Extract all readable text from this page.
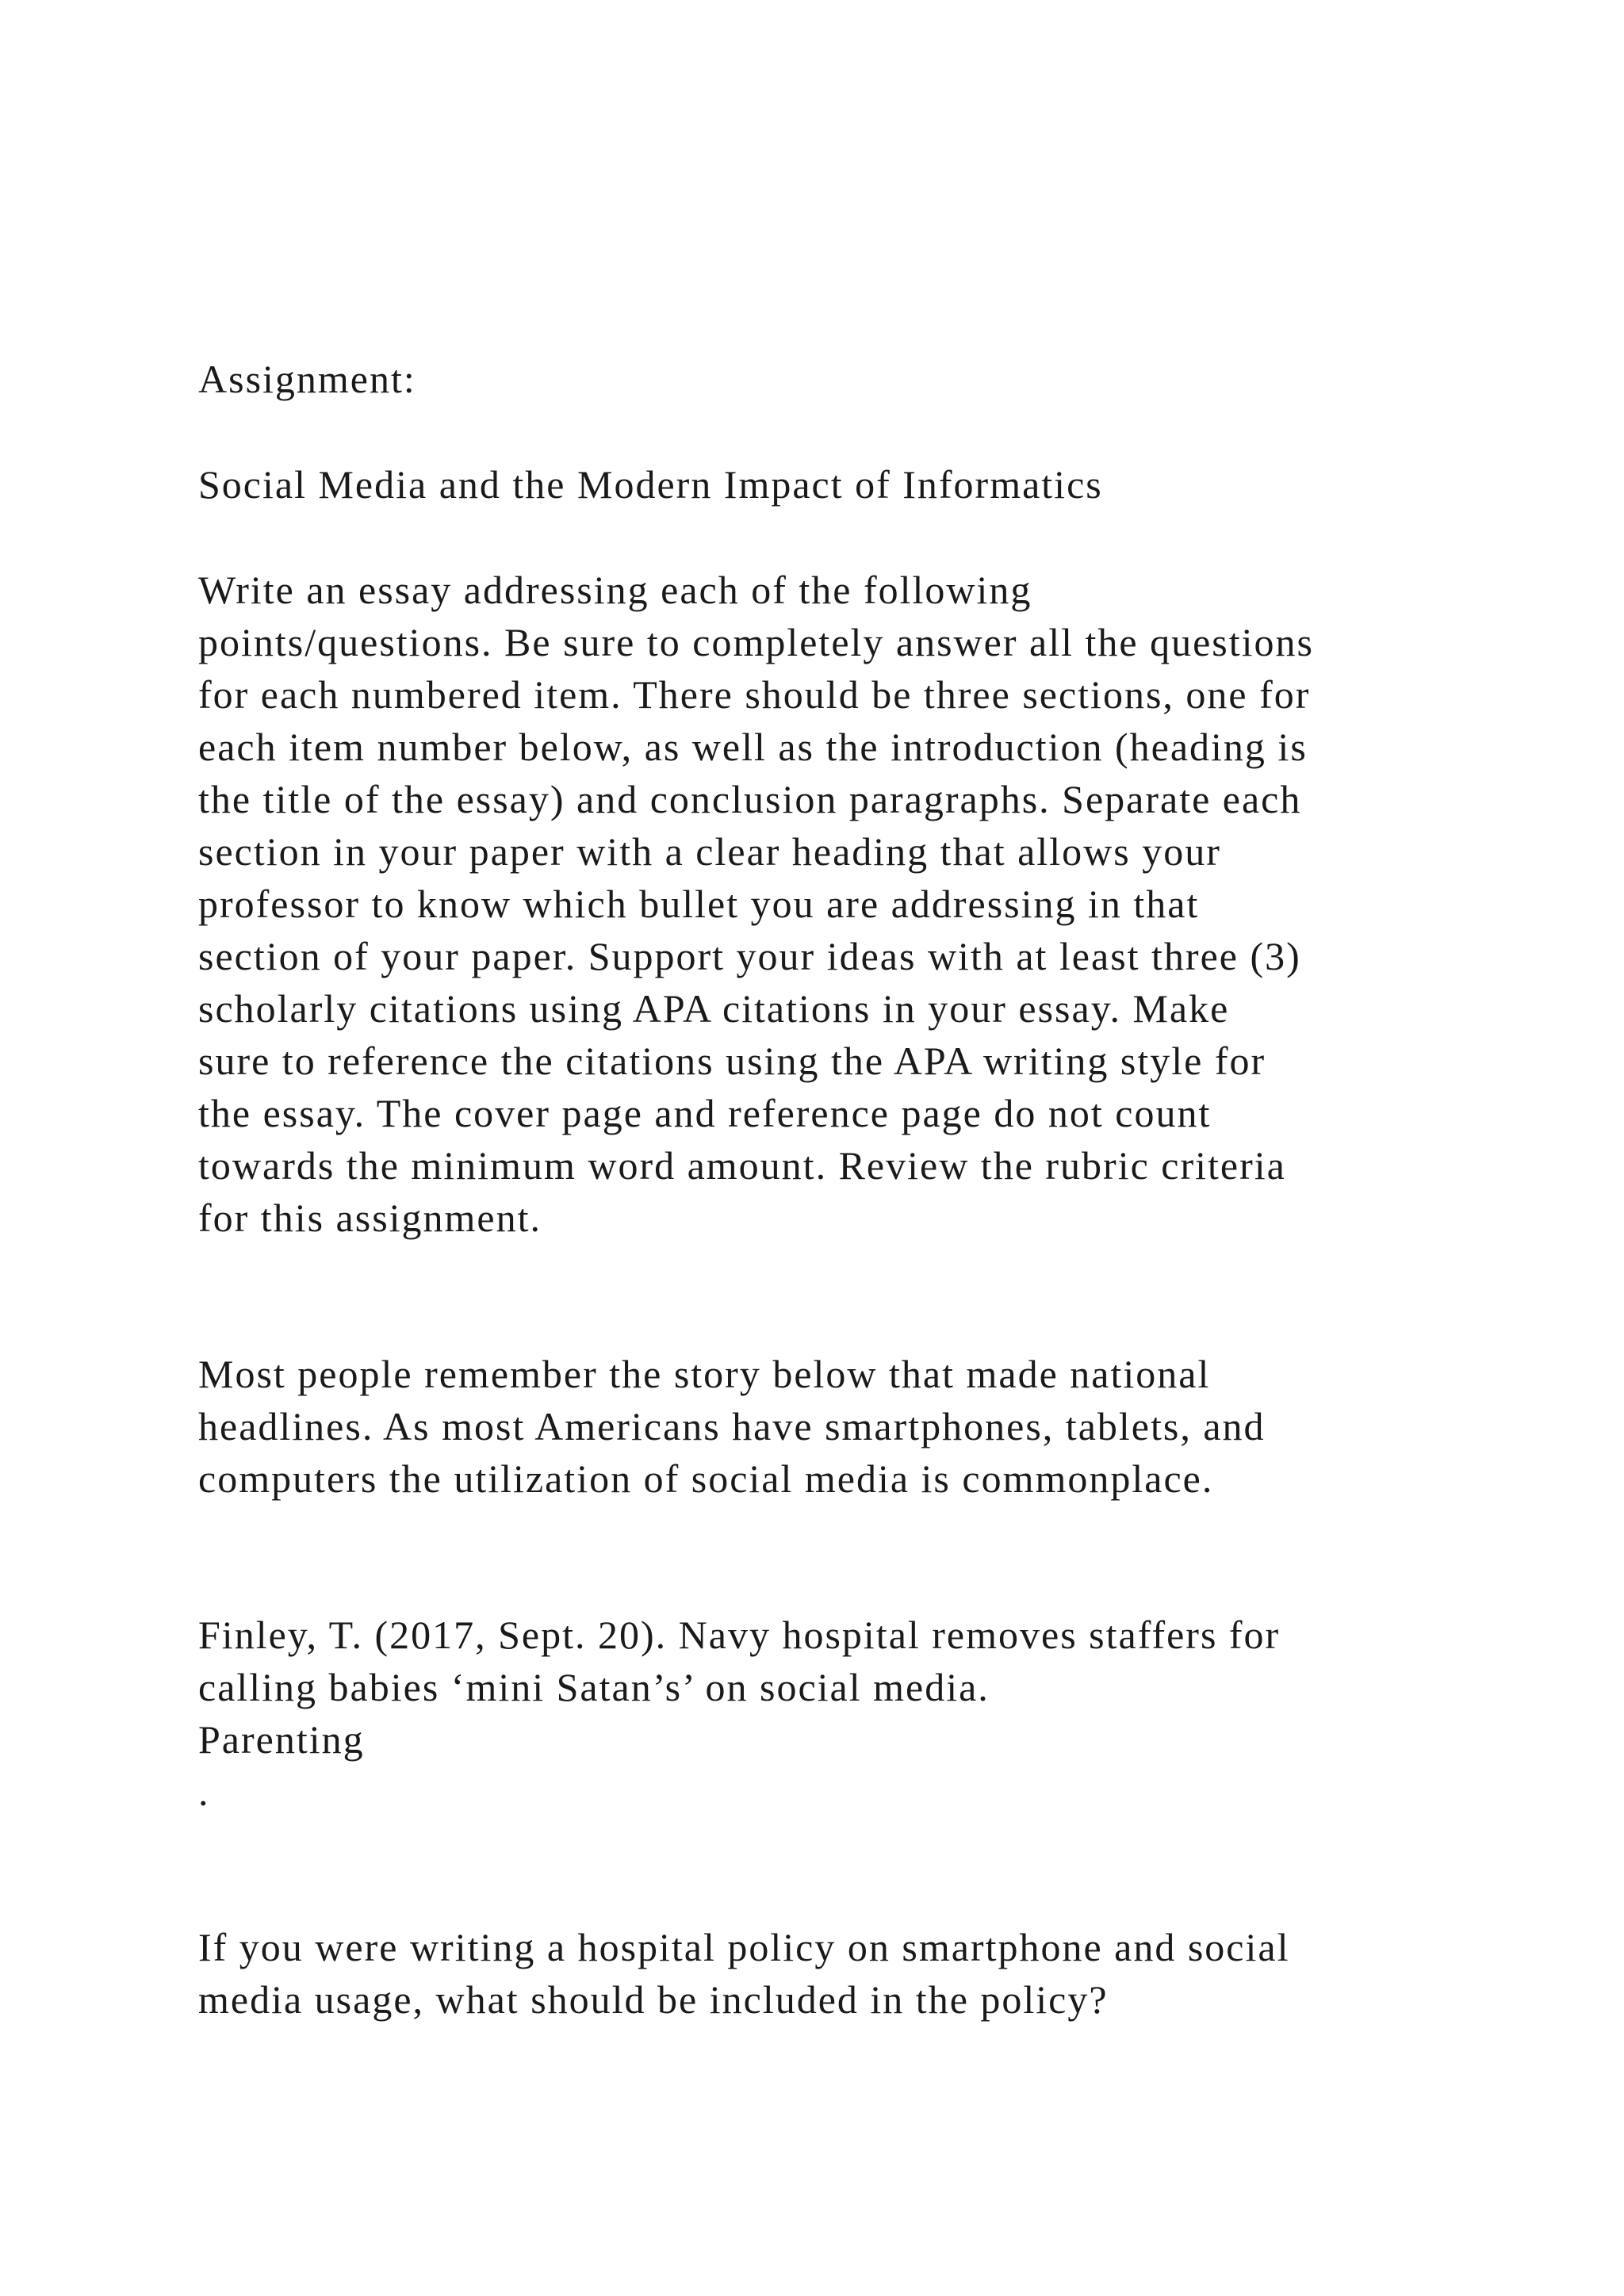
Assignment:
Social Media and the Modern Impact of Informatics
Write an essay addressing each of the following
points/questions. Be sure to completely answer all the questions
for each numbered item. There should be three sections, one for
each item number below, as well as the introduction (heading is
the title of the essay) and conclusion paragraphs. Separate each
section in your paper with a clear heading that allows your
professor to know which bullet you are addressing in that
section of your paper. Support your ideas with at least three (3)
scholarly citations using APA citations in your essay. Make
sure to reference the citations using the APA writing style for
the essay. The cover page and reference page do not count
towards the minimum word amount. Review the rubric criteria
for this assignment.
Most people remember the story below that made national
headlines. As most Americans have smartphones, tablets, and
computers the utilization of social media is commonplace.
Finley, T. (2017, Sept. 20). Navy hospital removes staffers for
calling babies ‘mini Satan’s’ on social media.
Parenting
.
If you were writing a hospital policy on smartphone and social
media usage, what should be included in the policy?
